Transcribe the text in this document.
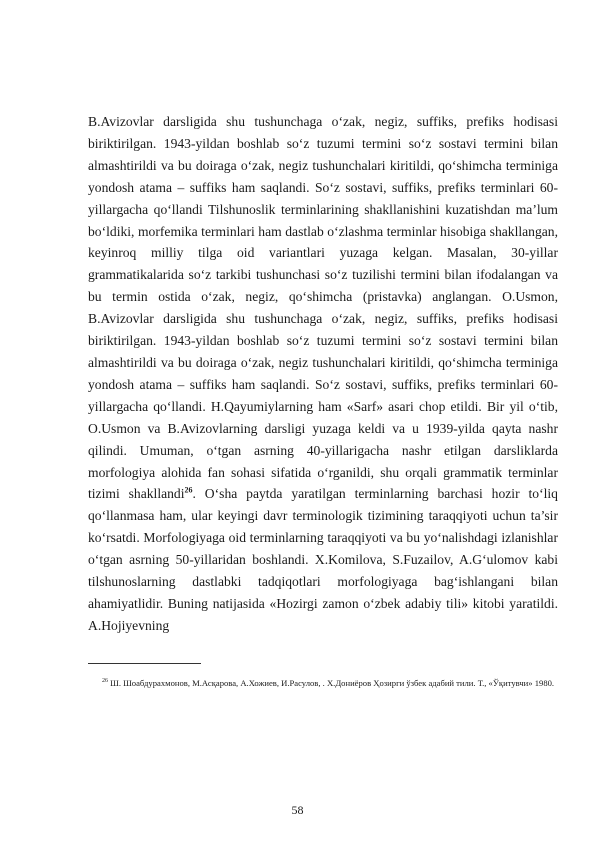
B.Avizovlar darsligida shu tushunchaga o‘zak, negiz, suffiks, prefiks hodisasi biriktirilgan. 1943-yildan boshlab so‘z tuzumi termini so‘z sostavi termini bilan almashtirildi va bu doiraga o‘zak, negiz tushunchalari kiritildi, qo‘shimcha terminiga yondosh atama – suffiks ham saqlandi. So‘z sostavi, suffiks, prefiks terminlari 60-yillargacha qo‘llandi Tilshunoslik terminlarining shakllanishini kuzatishdan ma’lum bo‘ldiki, morfemika terminlari ham dastlab o‘zlashma terminlar hisobiga shakllangan, keyinroq milliy tilga oid variantlari yuzaga kelgan. Masalan, 30-yillar grammatikalarida so‘z tarkibi tushunchasi so‘z tuzilishi termini bilan ifodalangan va bu termin ostida o‘zak, negiz, qo‘shimcha (pristavka) anglangan. O.Usmon, B.Avizovlar darsligida shu tushunchaga o‘zak, negiz, suffiks, prefiks hodisasi biriktirilgan. 1943-yildan boshlab so‘z tuzumi termini so‘z sostavi termini bilan almashtirildi va bu doiraga o‘zak, negiz tushunchalari kiritildi, qo‘shimcha terminiga yondosh atama – suffiks ham saqlandi. So‘z sostavi, suffiks, prefiks terminlari 60-yillargacha qo‘llandi. H.Qayumiylarning ham «Sarf» asari chop etildi. Bir yil o‘tib, O.Usmon va B.Avizovlarning darsligi yuzaga keldi va u 1939-yilda qayta nashr qilindi. Umuman, o‘tgan asrning 40-yillarigacha nashr etilgan darsliklarda morfologiya alohida fan sohasi sifatida o‘rganildi, shu orqali grammatik terminlar tizimi shakllandi$^{26}$. O‘sha paytda yaratilgan terminlarning barchasi hozir to‘liq qo‘llanmasa ham, ular keyingi davr terminologik tizimining taraqqiyoti uchun ta’sir ko‘rsatdi. Morfologiyaga oid terminlarning taraqqiyoti va bu yo‘nalishdagi izlanishlar o‘tgan asrning 50-yillaridan boshlandi. X.Komilova, S.Fuzailov, A.G‘ulomov kabi tilshunoslarning dastlabki tadqiqotlari morfologiyaga bag‘ishlangani bilan ahamiyatlidir. Buning natijasida «Hozirgi zamon o‘zbek adabiy tili» kitobi yaratildi. A.Hojiyevning

$^{26}$ Ш. Шоабдурахмонов, М.Асқарова, А.Хожиев, И.Расулов, . Х.Дониёров Ҳозирги ўзбек адабий тили. Т., «Ўқитувчи» 1980.

58
